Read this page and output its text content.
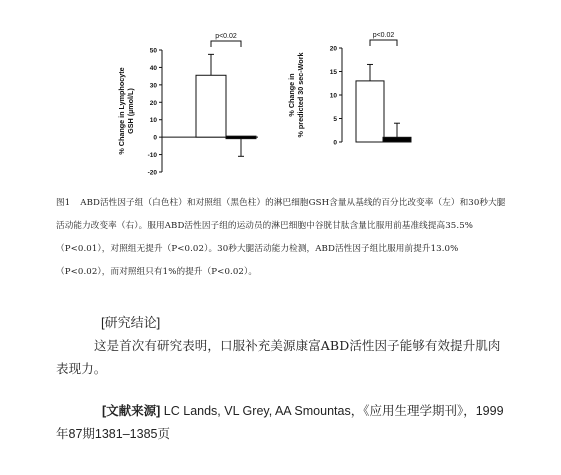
% Change in LymphocyteGSH (µmol/L)
50
40
30
20
10
0
-10
-20
p<0.02
% Change in% predicted 30 sec-Work
20
15
10
5
0
p<0.02
图1 ABD活性因子组（白色柱）和对照组（黑色柱）的淋巴细胞GSH含量从基线的百分比改变率（左）和30秒大腿活动能力改变率（右）。服用ABD活性因子组的运动员的淋巴细胞中谷胱甘肽含量比服用前基准线提高35.5%（P<0.01），对照组无提升（P<0.02）。30秒大腿活动能力检测，ABD活性因子组比服用前提升13.0%（P<0.02），而对照组只有1%的提升（P<0.02）。
[研究结论]
这是首次有研究表明，口服补充美源康富ABD活性因子能够有效提升肌肉表现力。
[文献来源] LC Lands, VL Grey, AA Smountas，《应用生理学期刊》，1999年87期1381–1385页
